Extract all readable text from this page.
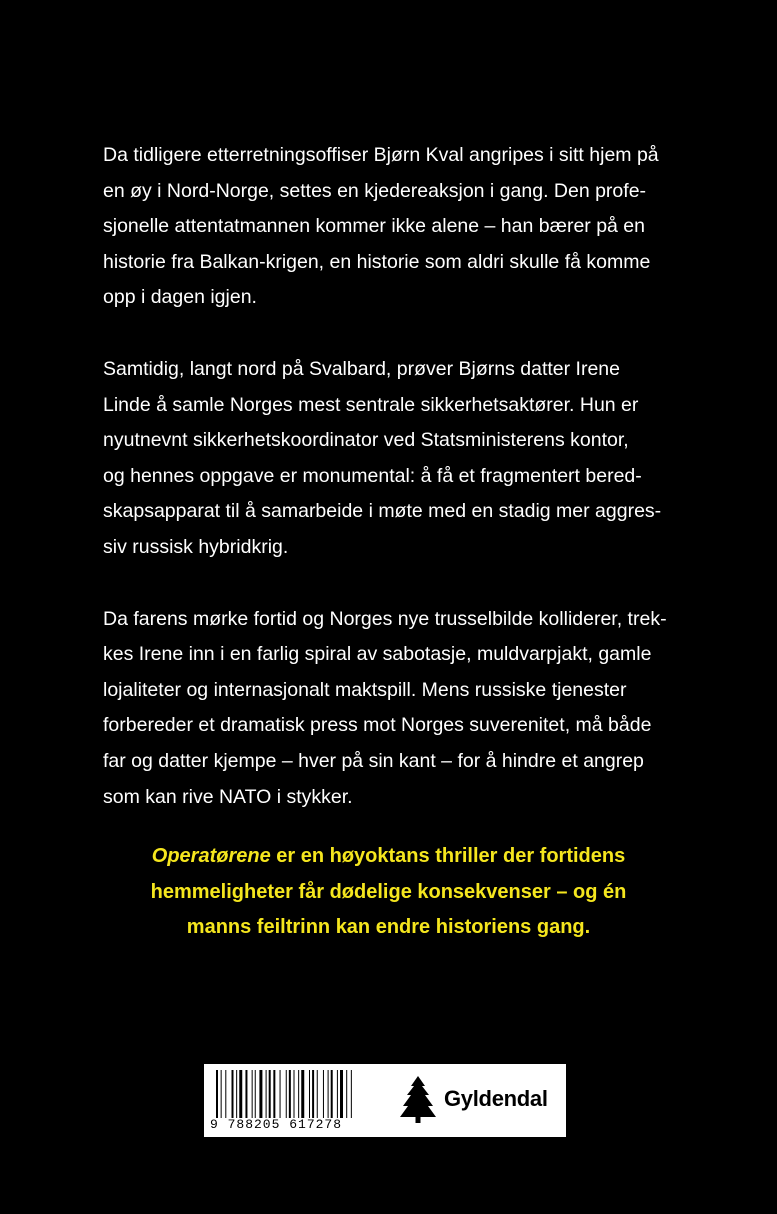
Da tidligere etterretningsoffiser Bjørn Kval angripes i sitt hjem på
en øy i Nord-Norge, settes en kjedereaksjon i gang. Den profe-
sjonelle attentatmannen kommer ikke alene – han bærer på en
historie fra Balkan-krigen, en historie som aldri skulle få komme
opp i dagen igjen.

Samtidig, langt nord på Svalbard, prøver Bjørns datter Irene
Linde å samle Norges mest sentrale sikkerhetsaktører. Hun er
nyutnevnt sikkerhetskoordinator ved Statsministerens kontor,
og hennes oppgave er monumental: å få et fragmentert bered-
skapsapparat til å samarbeide i møte med en stadig mer aggres-
siv russisk hybridkrig.

Da farens mørke fortid og Norges nye trusselbilde kolliderer, trek-
kes Irene inn i en farlig spiral av sabotasje, muldvarpjakt, gamle
lojaliteter og internasjonalt maktspill. Mens russiske tjenester
forbereder et dramatisk press mot Norges suverenitet, må både
far og datter kjempe – hver på sin kant – for å hindre et angrep
som kan rive NATO i stykker.

Operatørene er en høyoktans thriller der fortidens
hemmeligheter får dødelige konsekvenser – og én
manns feiltrinn kan endre historiens gang.
9 788205 617278
Gyldendal
